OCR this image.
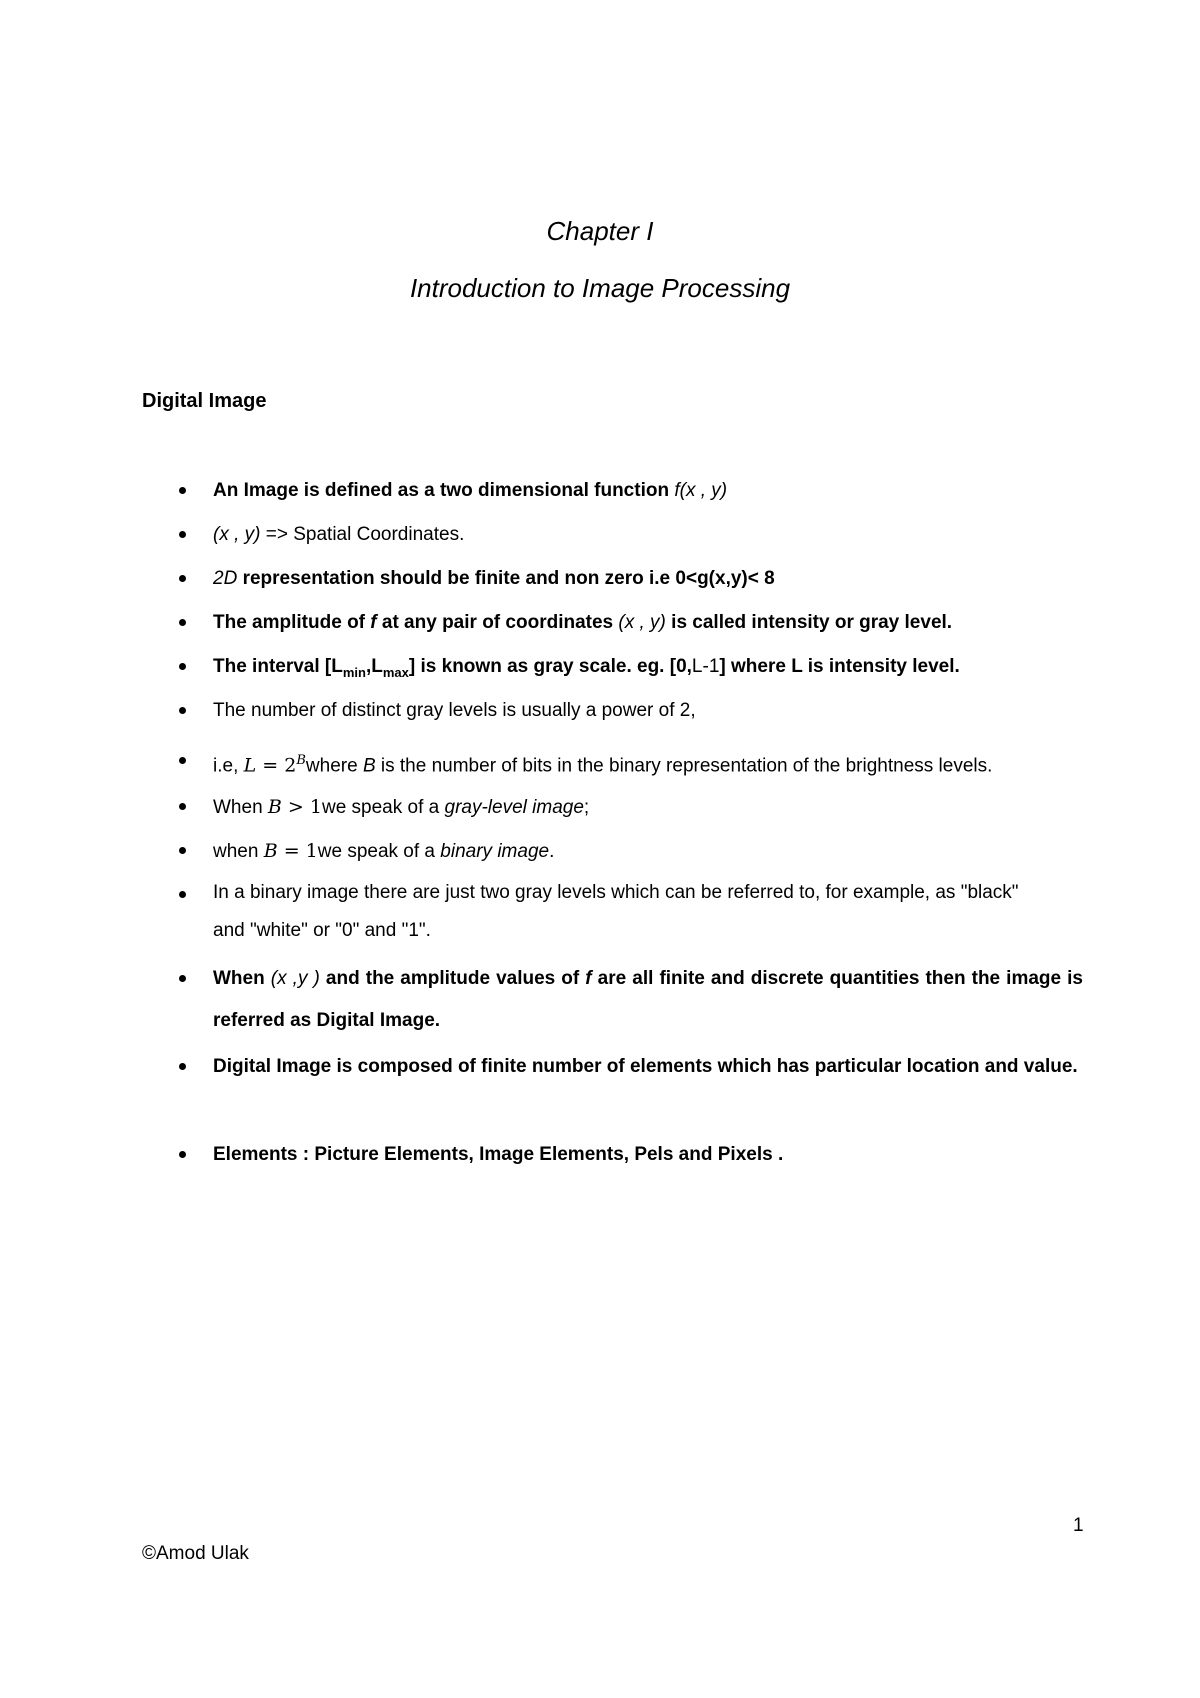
Chapter I
Introduction to Image Processing
Digital Image
An Image is defined as a two dimensional function f(x , y)
(x , y) => Spatial Coordinates.
2D representation should be finite and non zero i.e 0<g(x,y)< 8
The amplitude of f at any pair of coordinates (x , y) is called intensity or gray level.
The interval $[L_{min},L_{max}]$ is known as gray scale. eg. [0,L-1] where L is intensity level.
The number of distinct gray levels is usually a power of 2,
i.e, $L = 2^Bwhere$ B is the number of bits in the binary representation of the brightness levels.
When B > 1we speak of a gray-level image;
when B = 1we speak of a binary image.
In a binary image there are just two gray levels which can be referred to, for example, as "black"
and "white" or "0" and "1".
When (x ,y ) and the amplitude values of f are all finite and discrete quantities then the image is referred as Digital Image.
Digital Image is composed of finite number of elements which has particular location and value.
Elements : Picture Elements, Image Elements, Pels and Pixels .
1
©Amod Ulak
